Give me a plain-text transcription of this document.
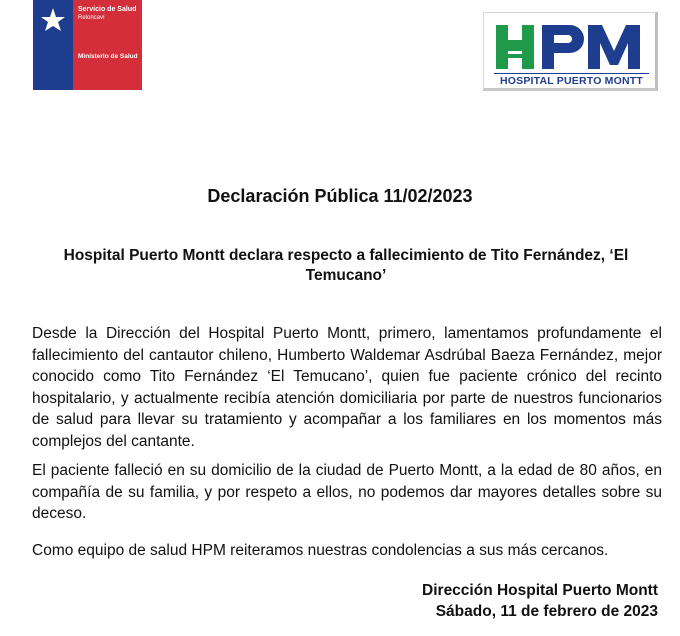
Servicio de Salud
Reloncaví
Ministerio de Salud
HOSPITAL PUERTO MONTT
Declaración Pública 11/02/2023
Hospital Puerto Montt declara respecto a fallecimiento de Tito Fernández, ‘El Temucano’
Desde la Dirección del Hospital Puerto Montt, primero, lamentamos profundamente el fallecimiento del cantautor chileno, Humberto Waldemar Asdrúbal Baeza Fernández, mejor conocido como Tito Fernández ‘El Temucano’, quien fue paciente crónico del recinto hospitalario, y actualmente recibía atención domiciliaria por parte de nuestros funcionarios de salud para llevar su tratamiento y acompañar a los familiares en los momentos más complejos del cantante.
El paciente falleció en su domicilio de la ciudad de Puerto Montt, a la edad de 80 años, en compañía de su familia, y por respeto a ellos, no podemos dar mayores detalles sobre su deceso.
Como equipo de salud HPM reiteramos nuestras condolencias a sus más cercanos.
Dirección Hospital Puerto Montt
Sábado, 11 de febrero de 2023
